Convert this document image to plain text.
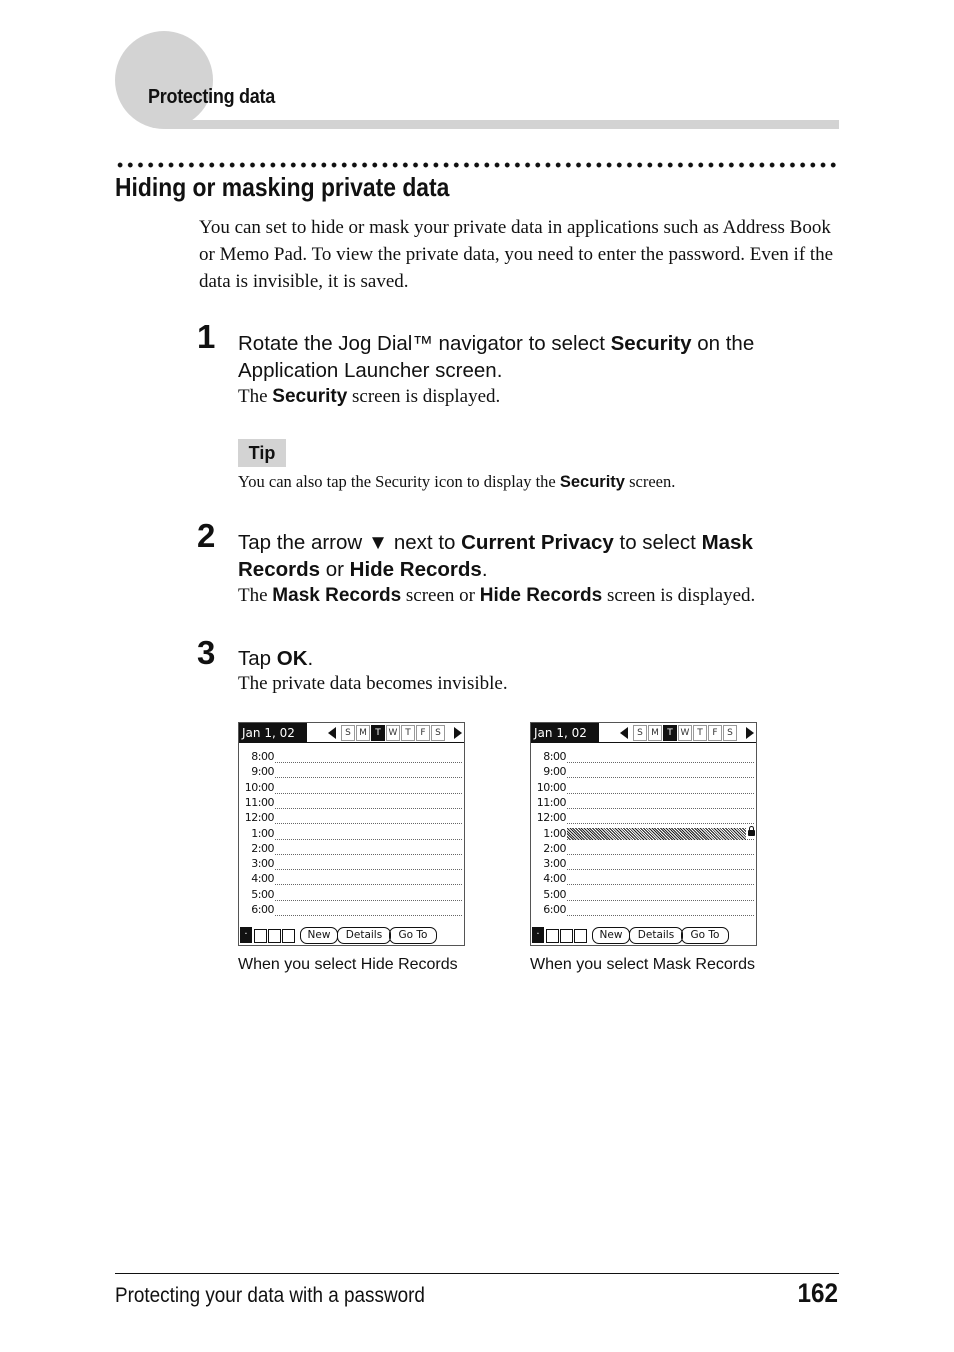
Protecting data
Hiding or masking private data

You can set to hide or mask your private data in applications such as Address Book or Memo Pad. To view the private data, you need to enter the password. Even if the data is invisible, it is saved.

1 Rotate the Jog Dial™ navigator to select Security on the Application Launcher screen.
The Security screen is displayed.
Tip
You can also tap the Security icon to display the Security screen.
2 Tap the arrow ▼ next to Current Privacy to select Mask Records or Hide Records.
The Mask Records screen or Hide Records screen is displayed.
3 Tap OK.
The private data becomes invisible.
Jan 1, 02	S M T W T	F	S
8:00
9:00
10:00
11:00
12:00
1:00
2:00
3:00
4:00
5:00
6:00
·	New	Details	Go To
Jan 1, 02	S M T W T	F	S
8:00
9:00
10:00
11:00
12:00
1:00
2:00
3:00
4:00
5:00
6:00
·	New	Details	Go To
When you select Hide Records	When you select Mask Records
Protecting your data with a password	162
